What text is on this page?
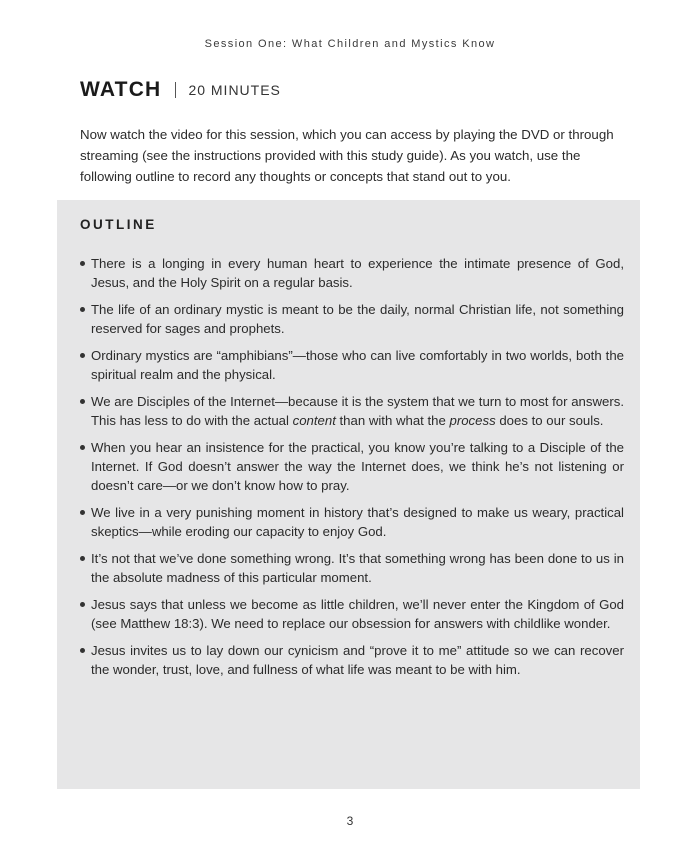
Session One: What Children and Mystics Know
WATCH 20 MINUTES

Now watch the video for this session, which you can access by playing the DVD or through streaming (see the instructions provided with this study guide). As you watch, use the following outline to record any thoughts or concepts that stand out to you.

OUTLINE
There is a longing in every human heart to experience the intimate presence of God, Jesus, and the Holy Spirit on a regular basis.
The life of an ordinary mystic is meant to be the daily, normal Christian life, not something reserved for sages and prophets.
Ordinary mystics are “amphibians”—those who can live comfortably in two worlds, both the spiritual realm and the physical.
We are Disciples of the Internet—because it is the system that we turn to most for answers. This has less to do with the actual content than with what the process does to our souls.
When you hear an insistence for the practical, you know you’re talking to a Disciple of the Internet. If God doesn’t answer the way the Internet does, we think he’s not listening or doesn’t care—or we don’t know how to pray.
We live in a very punishing moment in history that’s designed to make us weary, practical skeptics—while eroding our capacity to enjoy God.
It’s not that we’ve done something wrong. It’s that something wrong has been done to us in the absolute madness of this particular moment.
Jesus says that unless we become as little children, we’ll never enter the Kingdom of God (see Matthew 18:3). We need to replace our obsession for answers with childlike wonder.
Jesus invites us to lay down our cynicism and “prove it to me” attitude so we can recover the wonder, trust, love, and fullness of what life was meant to be with him.
3
